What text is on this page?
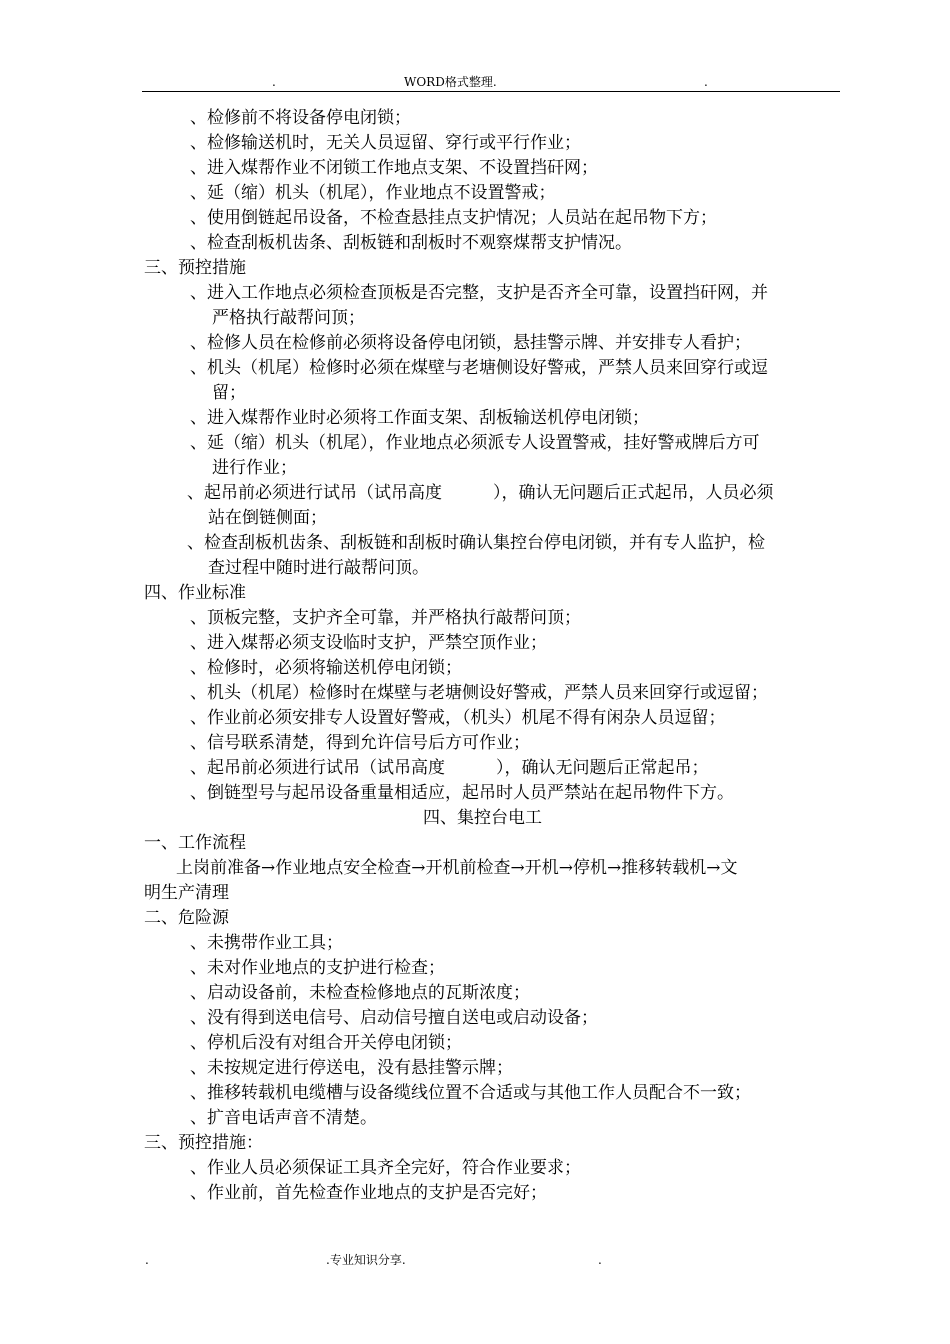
.	WORD格式整理.	.
、检修前不将设备停电闭锁；
、检修输送机时，无关人员逗留、穿行或平行作业；
、进入煤帮作业不闭锁工作地点支架、不设置挡矸网；
、延（缩）机头（机尾），作业地点不设置警戒；
、使用倒链起吊设备，不检查悬挂点支护情况；人员站在起吊物下方；
、检查刮板机齿条、刮板链和刮板时不观察煤帮支护情况。
三、预控措施
、进入工作地点必须检查顶板是否完整，支护是否齐全可靠，设置挡矸网，并
严格执行敲帮问顶；
、检修人员在检修前必须将设备停电闭锁，悬挂警示牌、并安排专人看护；
、机头（机尾）检修时必须在煤壁与老塘侧设好警戒，严禁人员来回穿行或逗
留；
、进入煤帮作业时必须将工作面支架、刮板输送机停电闭锁；
、延（缩）机头（机尾），作业地点必须派专人设置警戒，挂好警戒牌后方可
进行作业；
、起吊前必须进行试吊（试吊高度　　　），确认无问题后正式起吊，人员必须
站在倒链侧面；
、检查刮板机齿条、刮板链和刮板时确认集控台停电闭锁，并有专人监护，检
查过程中随时进行敲帮问顶。
四、作业标准
、顶板完整，支护齐全可靠，并严格执行敲帮问顶；
、进入煤帮必须支设临时支护，严禁空顶作业；
、检修时，必须将输送机停电闭锁；
、机头（机尾）检修时在煤壁与老塘侧设好警戒，严禁人员来回穿行或逗留；
、作业前必须安排专人设置好警戒，（机头）机尾不得有闲杂人员逗留；
、信号联系清楚，得到允许信号后方可作业；
、起吊前必须进行试吊（试吊高度　　　），确认无问题后正常起吊；
、倒链型号与起吊设备重量相适应，起吊时人员严禁站在起吊物件下方。
四、集控台电工
一、工作流程
上岗前准备→作业地点安全检查→开机前检查→开机→停机→推移转载机→文
明生产清理
二、危险源
、未携带作业工具；
、未对作业地点的支护进行检查；
、启动设备前，未检查检修地点的瓦斯浓度；
、没有得到送电信号、启动信号擅自送电或启动设备；
、停机后没有对组合开关停电闭锁；
、未按规定进行停送电，没有悬挂警示牌；
、推移转载机电缆槽与设备缆线位置不合适或与其他工作人员配合不一致；
、扩音电话声音不清楚。
三、预控措施：
、作业人员必须保证工具齐全完好，符合作业要求；
、作业前，首先检查作业地点的支护是否完好；
.	.专业知识分享.	.
